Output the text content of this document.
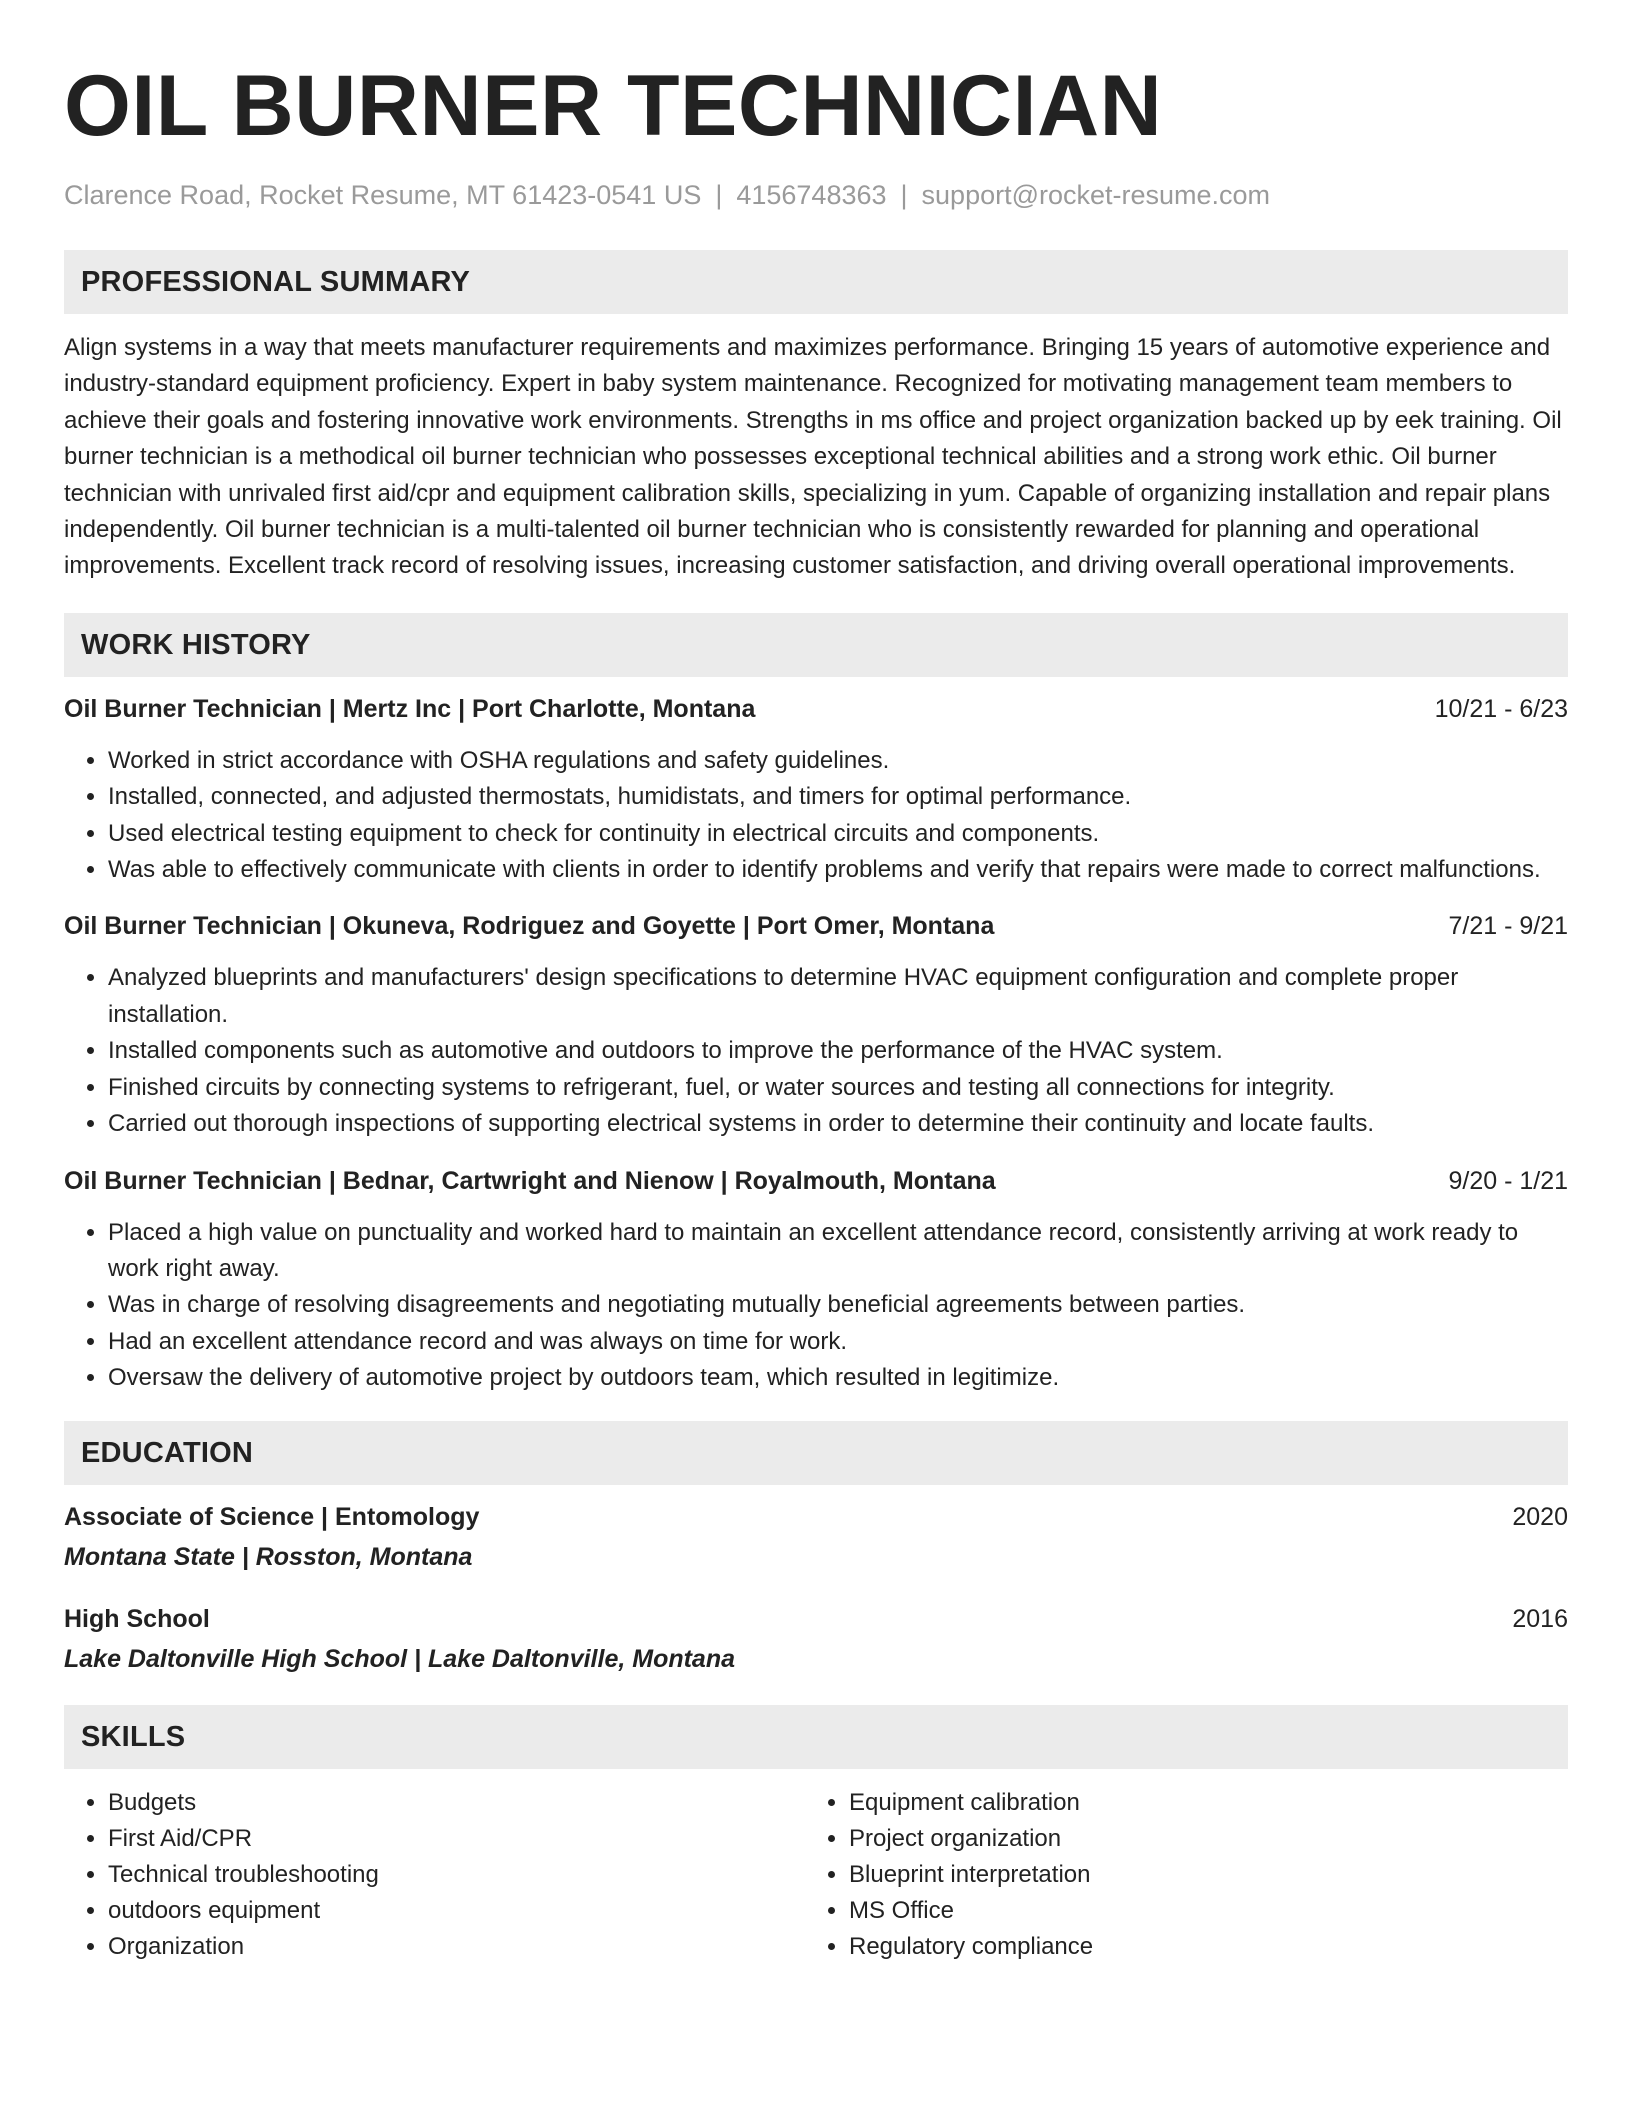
OIL BURNER TECHNICIAN
Clarence Road, Rocket Resume, MT 61423-0541 US | 4156748363 | support@rocket-resume.com
PROFESSIONAL SUMMARY
Align systems in a way that meets manufacturer requirements and maximizes performance. Bringing 15 years of automotive experience and industry-standard equipment proficiency. Expert in baby system maintenance. Recognized for motivating management team members to achieve their goals and fostering innovative work environments. Strengths in ms office and project organization backed up by eek training. Oil burner technician is a methodical oil burner technician who possesses exceptional technical abilities and a strong work ethic. Oil burner technician with unrivaled first aid/cpr and equipment calibration skills, specializing in yum. Capable of organizing installation and repair plans independently. Oil burner technician is a multi-talented oil burner technician who is consistently rewarded for planning and operational improvements. Excellent track record of resolving issues, increasing customer satisfaction, and driving overall operational improvements.
WORK HISTORY
Oil Burner Technician | Mertz Inc | Port Charlotte, Montana	10/21 - 6/23
• Worked in strict accordance with OSHA regulations and safety guidelines.
• Installed, connected, and adjusted thermostats, humidistats, and timers for optimal performance.
• Used electrical testing equipment to check for continuity in electrical circuits and components.
• Was able to effectively communicate with clients in order to identify problems and verify that repairs were made to correct malfunctions.
Oil Burner Technician | Okuneva, Rodriguez and Goyette | Port Omer, Montana	7/21 - 9/21
• Analyzed blueprints and manufacturers' design specifications to determine HVAC equipment configuration and complete proper installation.
• Installed components such as automotive and outdoors to improve the performance of the HVAC system.
• Finished circuits by connecting systems to refrigerant, fuel, or water sources and testing all connections for integrity.
• Carried out thorough inspections of supporting electrical systems in order to determine their continuity and locate faults.
Oil Burner Technician | Bednar, Cartwright and Nienow | Royalmouth, Montana	9/20 - 1/21
• Placed a high value on punctuality and worked hard to maintain an excellent attendance record, consistently arriving at work ready to work right away.
• Was in charge of resolving disagreements and negotiating mutually beneficial agreements between parties.
• Had an excellent attendance record and was always on time for work.
• Oversaw the delivery of automotive project by outdoors team, which resulted in legitimize.
EDUCATION
Associate of Science | Entomology	2020
Montana State | Rosston, Montana
High School	2016
Lake Daltonville High School | Lake Daltonville, Montana
SKILLS
• Budgets
• First Aid/CPR
• Technical troubleshooting
• outdoors equipment
• Organization
• Equipment calibration
• Project organization
• Blueprint interpretation
• MS Office
• Regulatory compliance
